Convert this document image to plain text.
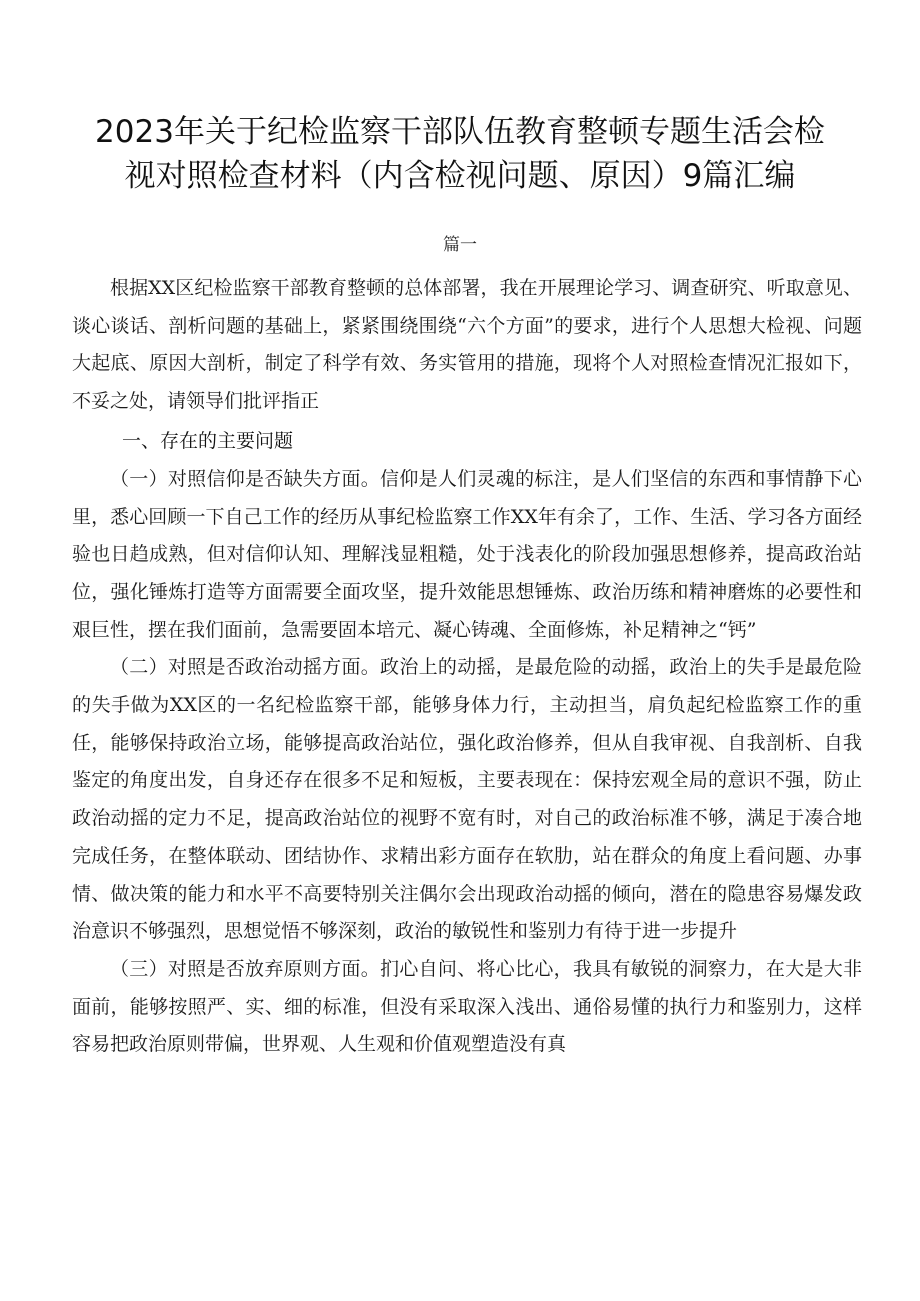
2023年关于纪检监察干部队伍教育整顿专题生活会检
视对照检查材料（内含检视问题、原因）9篇汇编
篇一

根据XX区纪检监察干部教育整顿的总体部署，我在开展理论学习、调查研究、听取意见、谈心谈话、剖析问题的基础上，紧紧围绕围绕“六个方面”的要求，进行个人思想大检视、问题大起底、原因大剖析，制定了科学有效、务实管用的措施，现将个人对照检查情况汇报如下，不妥之处，请领导们批评指正

一、存在的主要问题

（一）对照信仰是否缺失方面。信仰是人们灵魂的标注，是人们坚信的东西和事情静下心里，悉心回顾一下自己工作的经历从事纪检监察工作XX年有余了，工作、生活、学习各方面经验也日趋成熟，但对信仰认知、理解浅显粗糙，处于浅表化的阶段加强思想修养，提高政治站位，强化锤炼打造等方面需要全面攻坚，提升效能思想锤炼、政治历练和精神磨炼的必要性和艰巨性，摆在我们面前，急需要固本培元、凝心铸魂、全面修炼，补足精神之“钙”

（二）对照是否政治动摇方面。政治上的动摇，是最危险的动摇，政治上的失手是最危险的失手做为XX区的一名纪检监察干部，能够身体力行，主动担当，肩负起纪检监察工作的重任，能够保持政治立场，能够提高政治站位，强化政治修养，但从自我审视、自我剖析、自我鉴定的角度出发，自身还存在很多不足和短板，主要表现在：保持宏观全局的意识不强，防止政治动摇的定力不足，提高政治站位的视野不宽有时，对自己的政治标准不够，满足于凑合地完成任务，在整体联动、团结协作、求精出彩方面存在软肋，站在群众的角度上看问题、办事情、做决策的能力和水平不高要特别关注偶尔会出现政治动摇的倾向，潜在的隐患容易爆发政治意识不够强烈，思想觉悟不够深刻，政治的敏锐性和鉴别力有待于进一步提升

（三）对照是否放弃原则方面。扪心自问、将心比心，我具有敏锐的洞察力，在大是大非面前，能够按照严、实、细的标准，但没有采取深入浅出、通俗易懂的执行力和鉴别力，这样容易把政治原则带偏，世界观、人生观和价值观塑造没有真
